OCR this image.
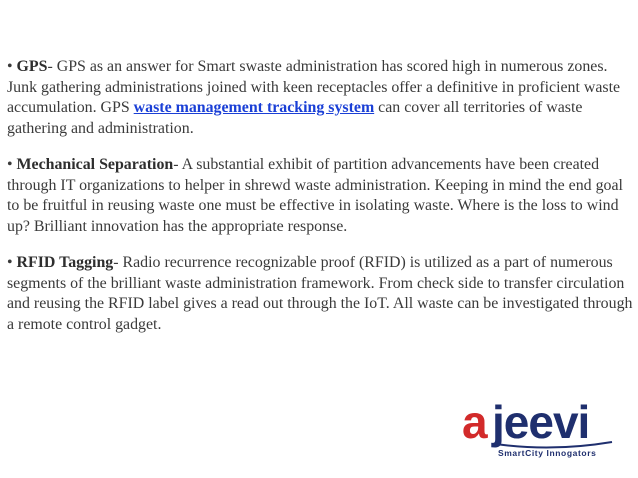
• GPS- GPS as an answer for Smart swaste administration has scored high in numerous zones. Junk gathering administrations joined with keen receptacles offer a definitive in proficient waste accumulation. GPS waste management tracking system can cover all territories of waste gathering and administration.

• Mechanical Separation- A substantial exhibit of partition advancements have been created through IT organizations to helper in shrewd waste administration. Keeping in mind the end goal to be fruitful in reusing waste one must be effective in isolating waste. Where is the loss to wind up? Brilliant innovation has the appropriate response.

• RFID Tagging- Radio recurrence recognizable proof (RFID) is utilized as a part of numerous segments of the brilliant waste administration framework. From check side to transfer circulation and reusing the RFID label gives a read out through the IoT. All waste can be investigated through a remote control gadget.

a jeevi
SmartCity Innogators
